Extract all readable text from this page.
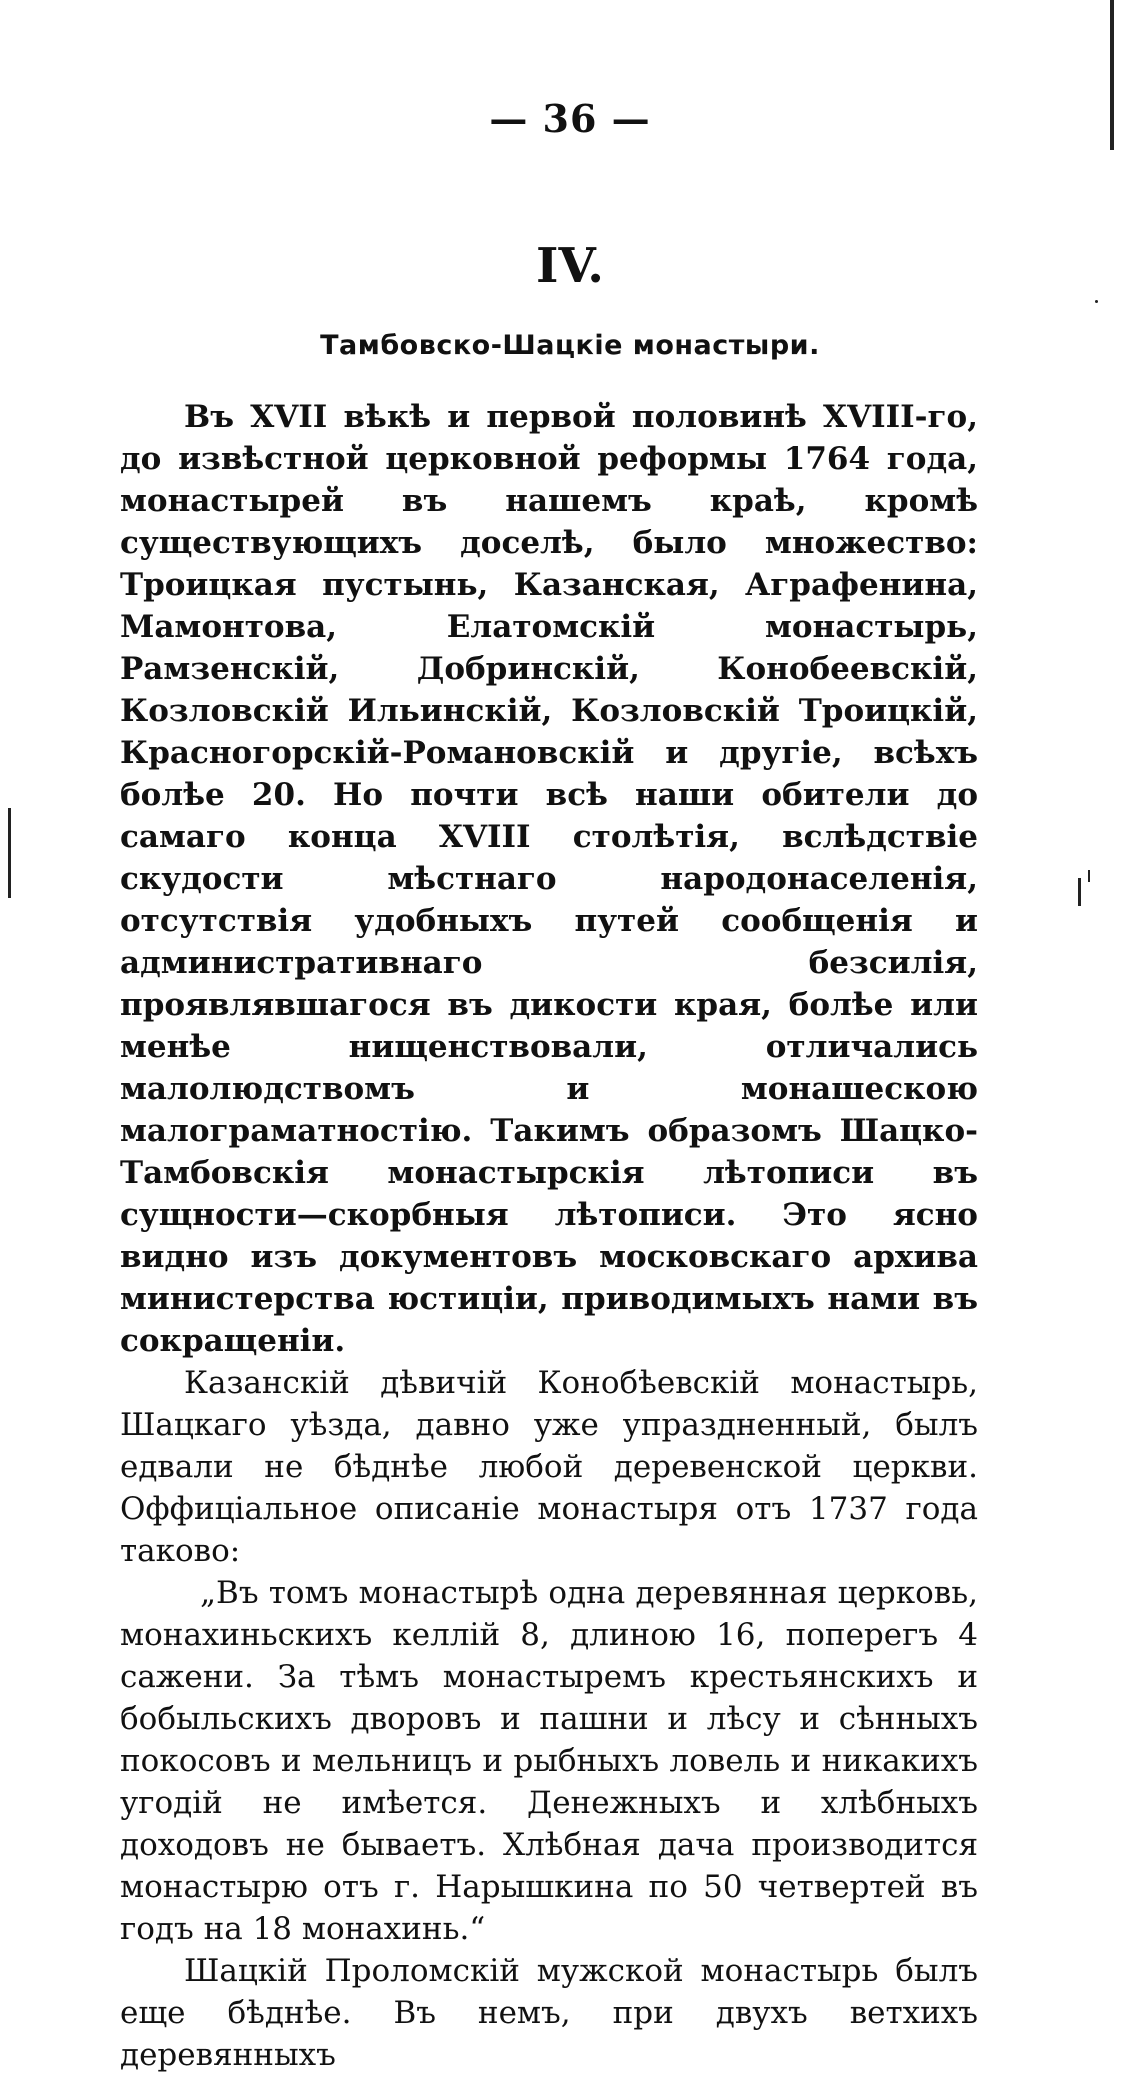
— 36 —
IV.
Тамбовско-Шацкіе монастыри.

Въ XVII вѣкѣ и первой половинѣ XVIII-го, до извѣстной церковной реформы 1764 года, монастырей въ нашемъ краѣ, кромѣ существующихъ доселѣ, было множество: Троицкая пустынь, Казанская, Аграфенина, Мамонтова, Елатомскій монастырь, Рамзенскій, Добринскій, Конобеевскій, Козловскій Ильинскій, Козловскій Троицкій, Красногорскій-Романовскій и другіе, всѣхъ болѣе 20. Но почти всѣ наши обители до самаго конца XVIII столѣтія, вслѣдствіе скудости мѣстнаго народонаселенія, отсутствія удобныхъ путей сообщенія и административнаго безсилія, проявлявшагося въ дикости края, болѣе или менѣе нищенствовали, отличались малолюдствомъ и монашескою малограматностію. Такимъ образомъ Шацко-Тамбовскія монастырскія лѣтописи въ сущности—скорбныя лѣтописи. Это ясно видно изъ документовъ московскаго архива министерства юстиціи, приводимыхъ нами въ сокращеніи.

Казанскій дѣвичій Конобѣевскій монастырь, Шацкаго уѣзда, давно уже упраздненный, былъ едвали не бѣднѣе любой деревенской церкви. Оффиціальное описаніе монастыря отъ 1737 года таково:

„Въ томъ монастырѣ одна деревянная церковь, монахиньскихъ келлій 8, длиною 16, поперегъ 4 сажени. За тѣмъ монастыремъ крестьянскихъ и бобыльскихъ дворовъ и пашни и лѣсу и сѣнныхъ покосовъ и мельницъ и рыбныхъ ловель и никакихъ угодій не имѣется. Денежныхъ и хлѣбныхъ доходовъ не бываетъ. Хлѣбная дача производится монастырю отъ г. Нарышкина по 50 четвертей въ годъ на 18 монахинь.“

Шацкій Проломскій мужской монастырь былъ еще бѣднѣе. Въ немъ, при двухъ ветхихъ деревянныхъ
